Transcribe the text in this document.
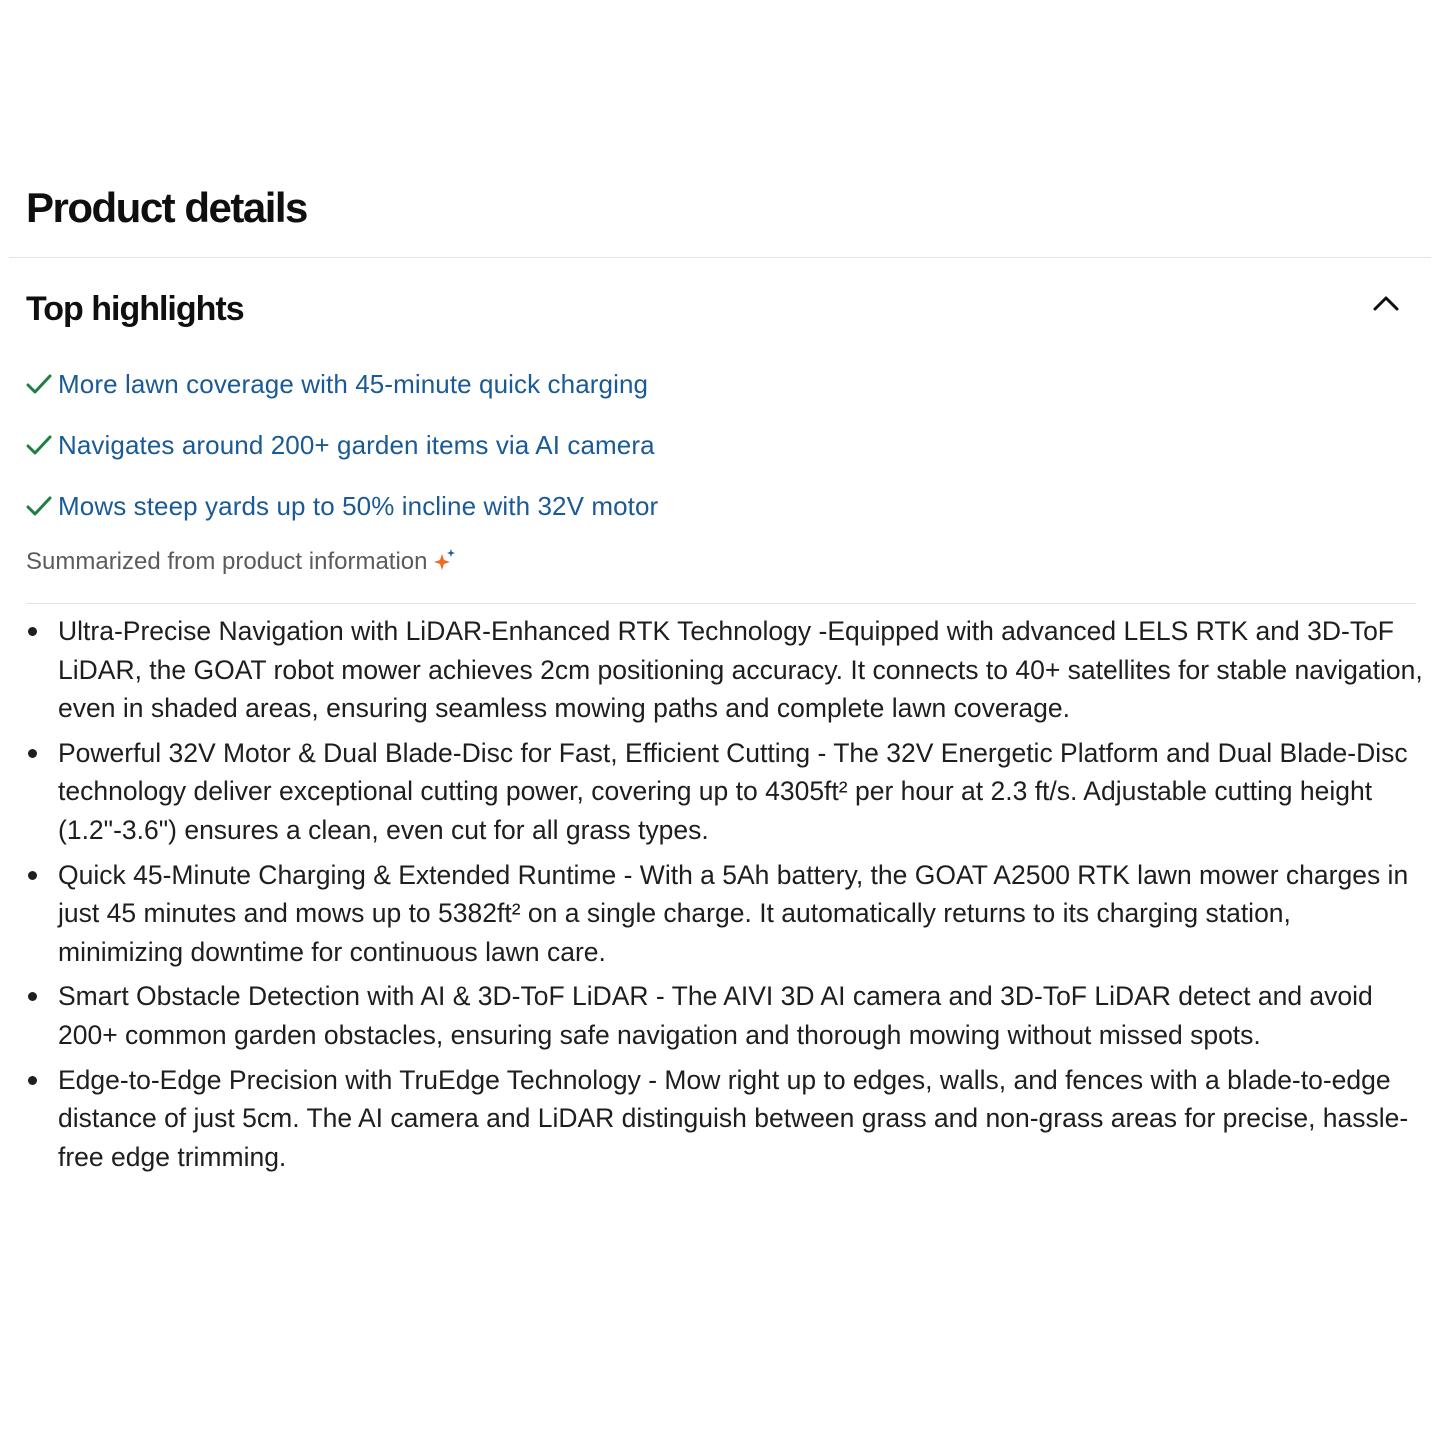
Product details
Top highlights
More lawn coverage with 45-minute quick charging
Navigates around 200+ garden items via AI camera
Mows steep yards up to 50% incline with 32V motor
Summarized from product information
Ultra-Precise Navigation with LiDAR-Enhanced RTK Technology -Equipped with advanced LELS RTK and 3D-ToF LiDAR, the GOAT robot mower achieves 2cm positioning accuracy. It connects to 40+ satellites for stable navigation, even in shaded areas, ensuring seamless mowing paths and complete lawn coverage.
Powerful 32V Motor & Dual Blade-Disc for Fast, Efficient Cutting - The 32V Energetic Platform and Dual Blade-Disc technology deliver exceptional cutting power, covering up to 4305ft² per hour at 2.3 ft/s. Adjustable cutting height (1.2"-3.6") ensures a clean, even cut for all grass types.
Quick 45-Minute Charging & Extended Runtime - With a 5Ah battery, the GOAT A2500 RTK lawn mower charges in just 45 minutes and mows up to 5382ft² on a single charge. It automatically returns to its charging station, minimizing downtime for continuous lawn care.
Smart Obstacle Detection with AI & 3D-ToF LiDAR - The AIVI 3D AI camera and 3D-ToF LiDAR detect and avoid 200+ common garden obstacles, ensuring safe navigation and thorough mowing without missed spots.
Edge-to-Edge Precision with TruEdge Technology - Mow right up to edges, walls, and fences with a blade-to-edge distance of just 5cm. The AI camera and LiDAR distinguish between grass and non-grass areas for precise, hassle-free edge trimming.
